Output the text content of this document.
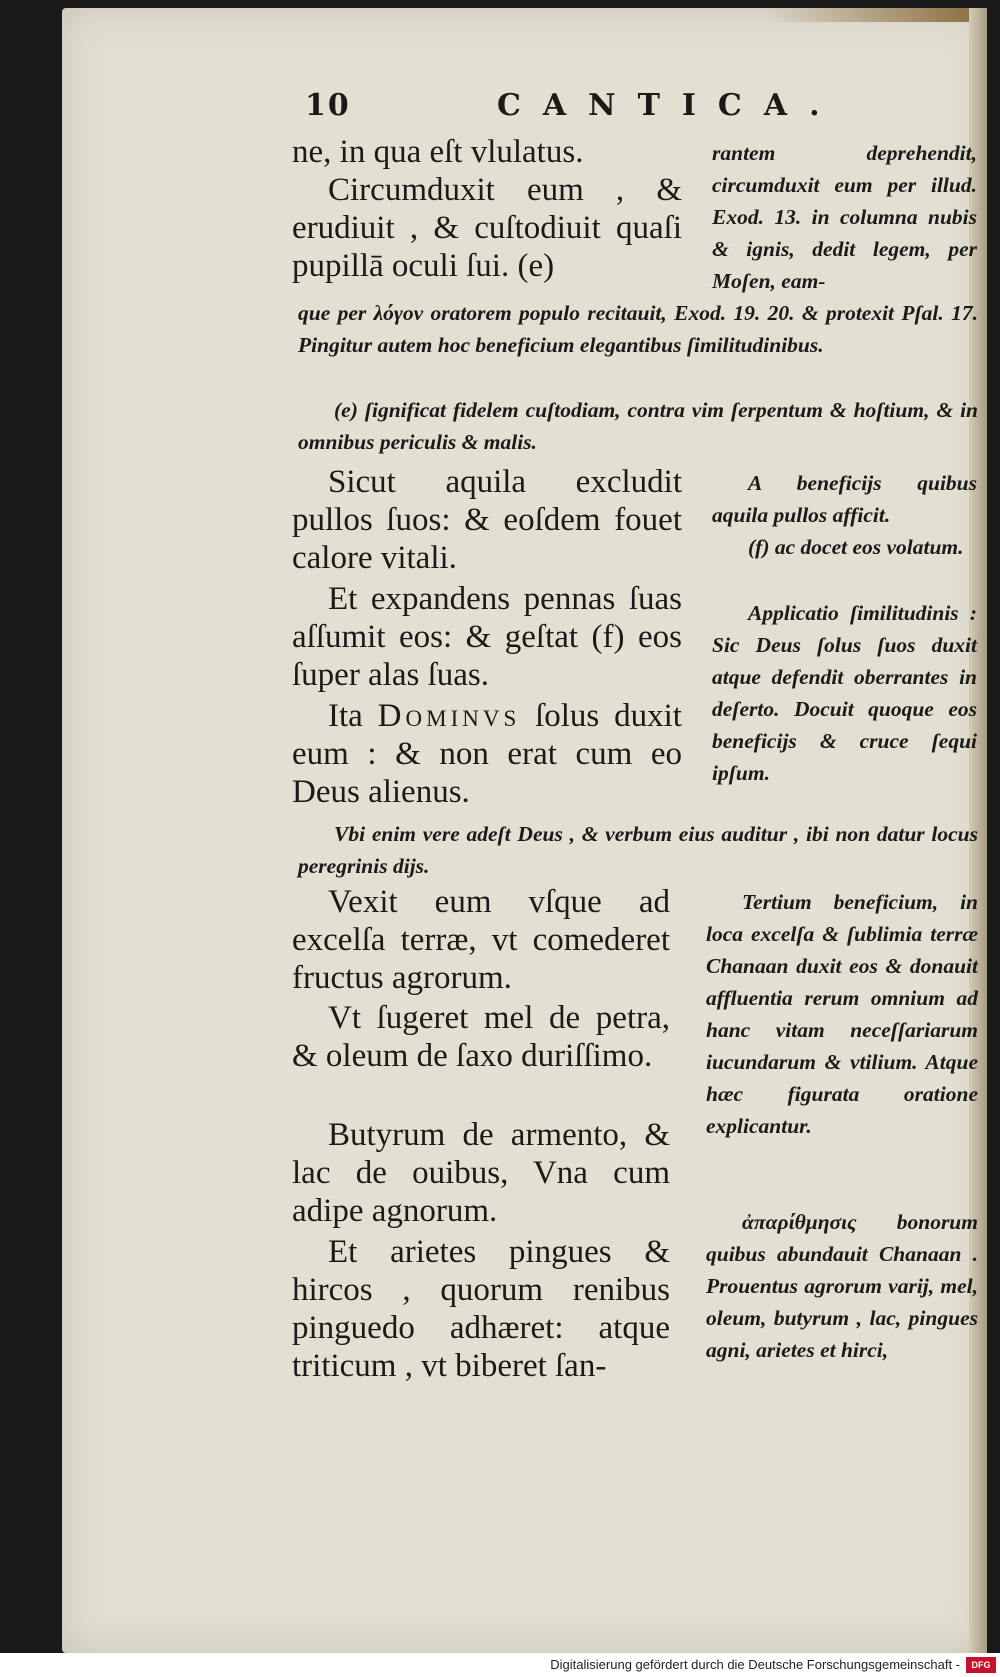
10	CANTICA.

ne, in qua eſt vlulatus.

Circumduxit eum , & erudiuit , & cuſtodiuit quaſi pupillā oculi ſui. (e)

rantem deprehendit, circumduxit eum per illud. Exod. 13. in columna nubis & ignis, dedit legem, per Moſen, eam-

que per λόγον oratorem populo recitauit, Exod. 19. 20. & protexit Pſal. 17. Pingitur autem hoc beneficium elegantibus ſimilitudinibus.

(e) ſignificat fidelem cuſtodiam, contra vim ſerpentum & hoſtium, & in omnibus periculis & malis.

Sicut aquila excludit pullos ſuos: & eoſdem fouet calore vitali.

Et expandens pennas ſuas aſſumit eos: & geſtat (f) eos ſuper alas ſuas.

Ita Dominvs ſolus duxit eum : & non erat cum eo Deus alienus.

A beneficijs quibus aquila pullos afficit.

(f) ac docet eos volatum.

Applicatio ſimilitudinis : Sic Deus ſolus ſuos duxit atque defendit oberrantes in deſerto. Docuit quoque eos beneficijs & cruce ſequi ipſum.

Vbi enim vere adeſt Deus , & verbum eius auditur , ibi non datur locus peregrinis dijs.

Vexit eum vſque ad excelſa terræ, vt comederet fructus agrorum.

Vt ſugeret mel de petra, & oleum de ſaxo duriſſimo.

Butyrum de armento, & lac de ouibus, Vna cum adipe agnorum.

Et arietes pingues & hircos , quorum renibus pinguedo adhæret: atque triticum , vt biberet ſan-

Tertium beneficium, in loca excelſa & ſublimia terræ Chanaan duxit eos & donauit affluentia rerum omnium ad hanc vitam neceſſariarum iucundarum & vtilium. Atque hæc figurata oratione explicantur.

ἀπαρίθμησις bonorum quibus abundauit Chanaan . Prouentus agrorum varij, mel, oleum, butyrum , lac, pingues agni, arietes et hirci,

Digitalisierung gefördert durch die Deutsche Forschungsgemeinschaft -	DFG
